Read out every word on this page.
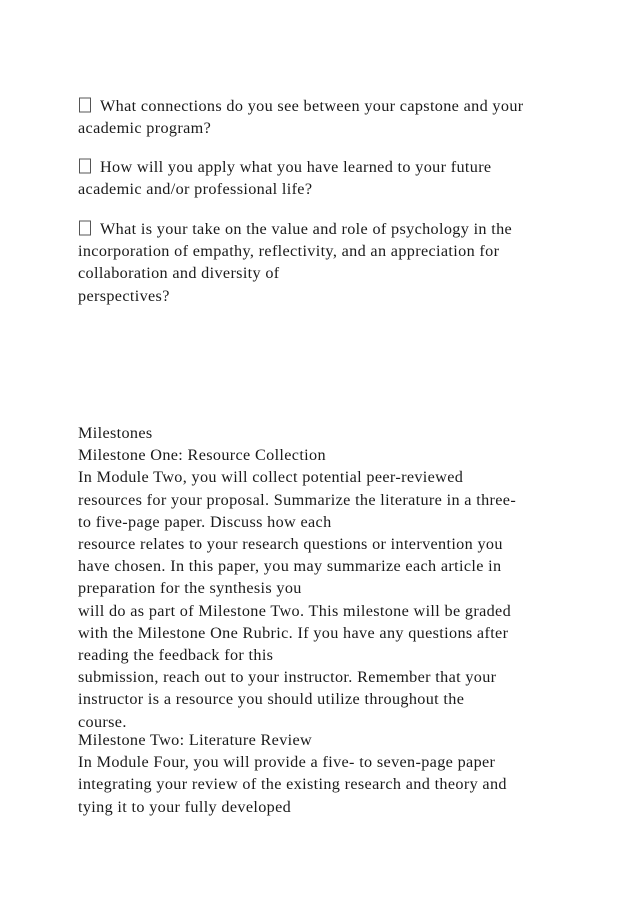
What connections do you see between your capstone and your
academic program?

How will you apply what you have learned to your future
academic and/or professional life?

What is your take on the value and role of psychology in the
incorporation of empathy, reflectivity, and an appreciation for
collaboration and diversity of
perspectives?

Milestones
Milestone One: Resource Collection
In Module Two, you will collect potential peer-reviewed
resources for your proposal. Summarize the literature in a three-
to five-page paper. Discuss how each
resource relates to your research questions or intervention you
have chosen. In this paper, you may summarize each article in
preparation for the synthesis you
will do as part of Milestone Two. This milestone will be graded
with the Milestone One Rubric. If you have any questions after
reading the feedback for this
submission, reach out to your instructor. Remember that your
instructor is a resource you should utilize throughout the
course.

Milestone Two: Literature Review
In Module Four, you will provide a five- to seven-page paper
integrating your review of the existing research and theory and
tying it to your fully developed
